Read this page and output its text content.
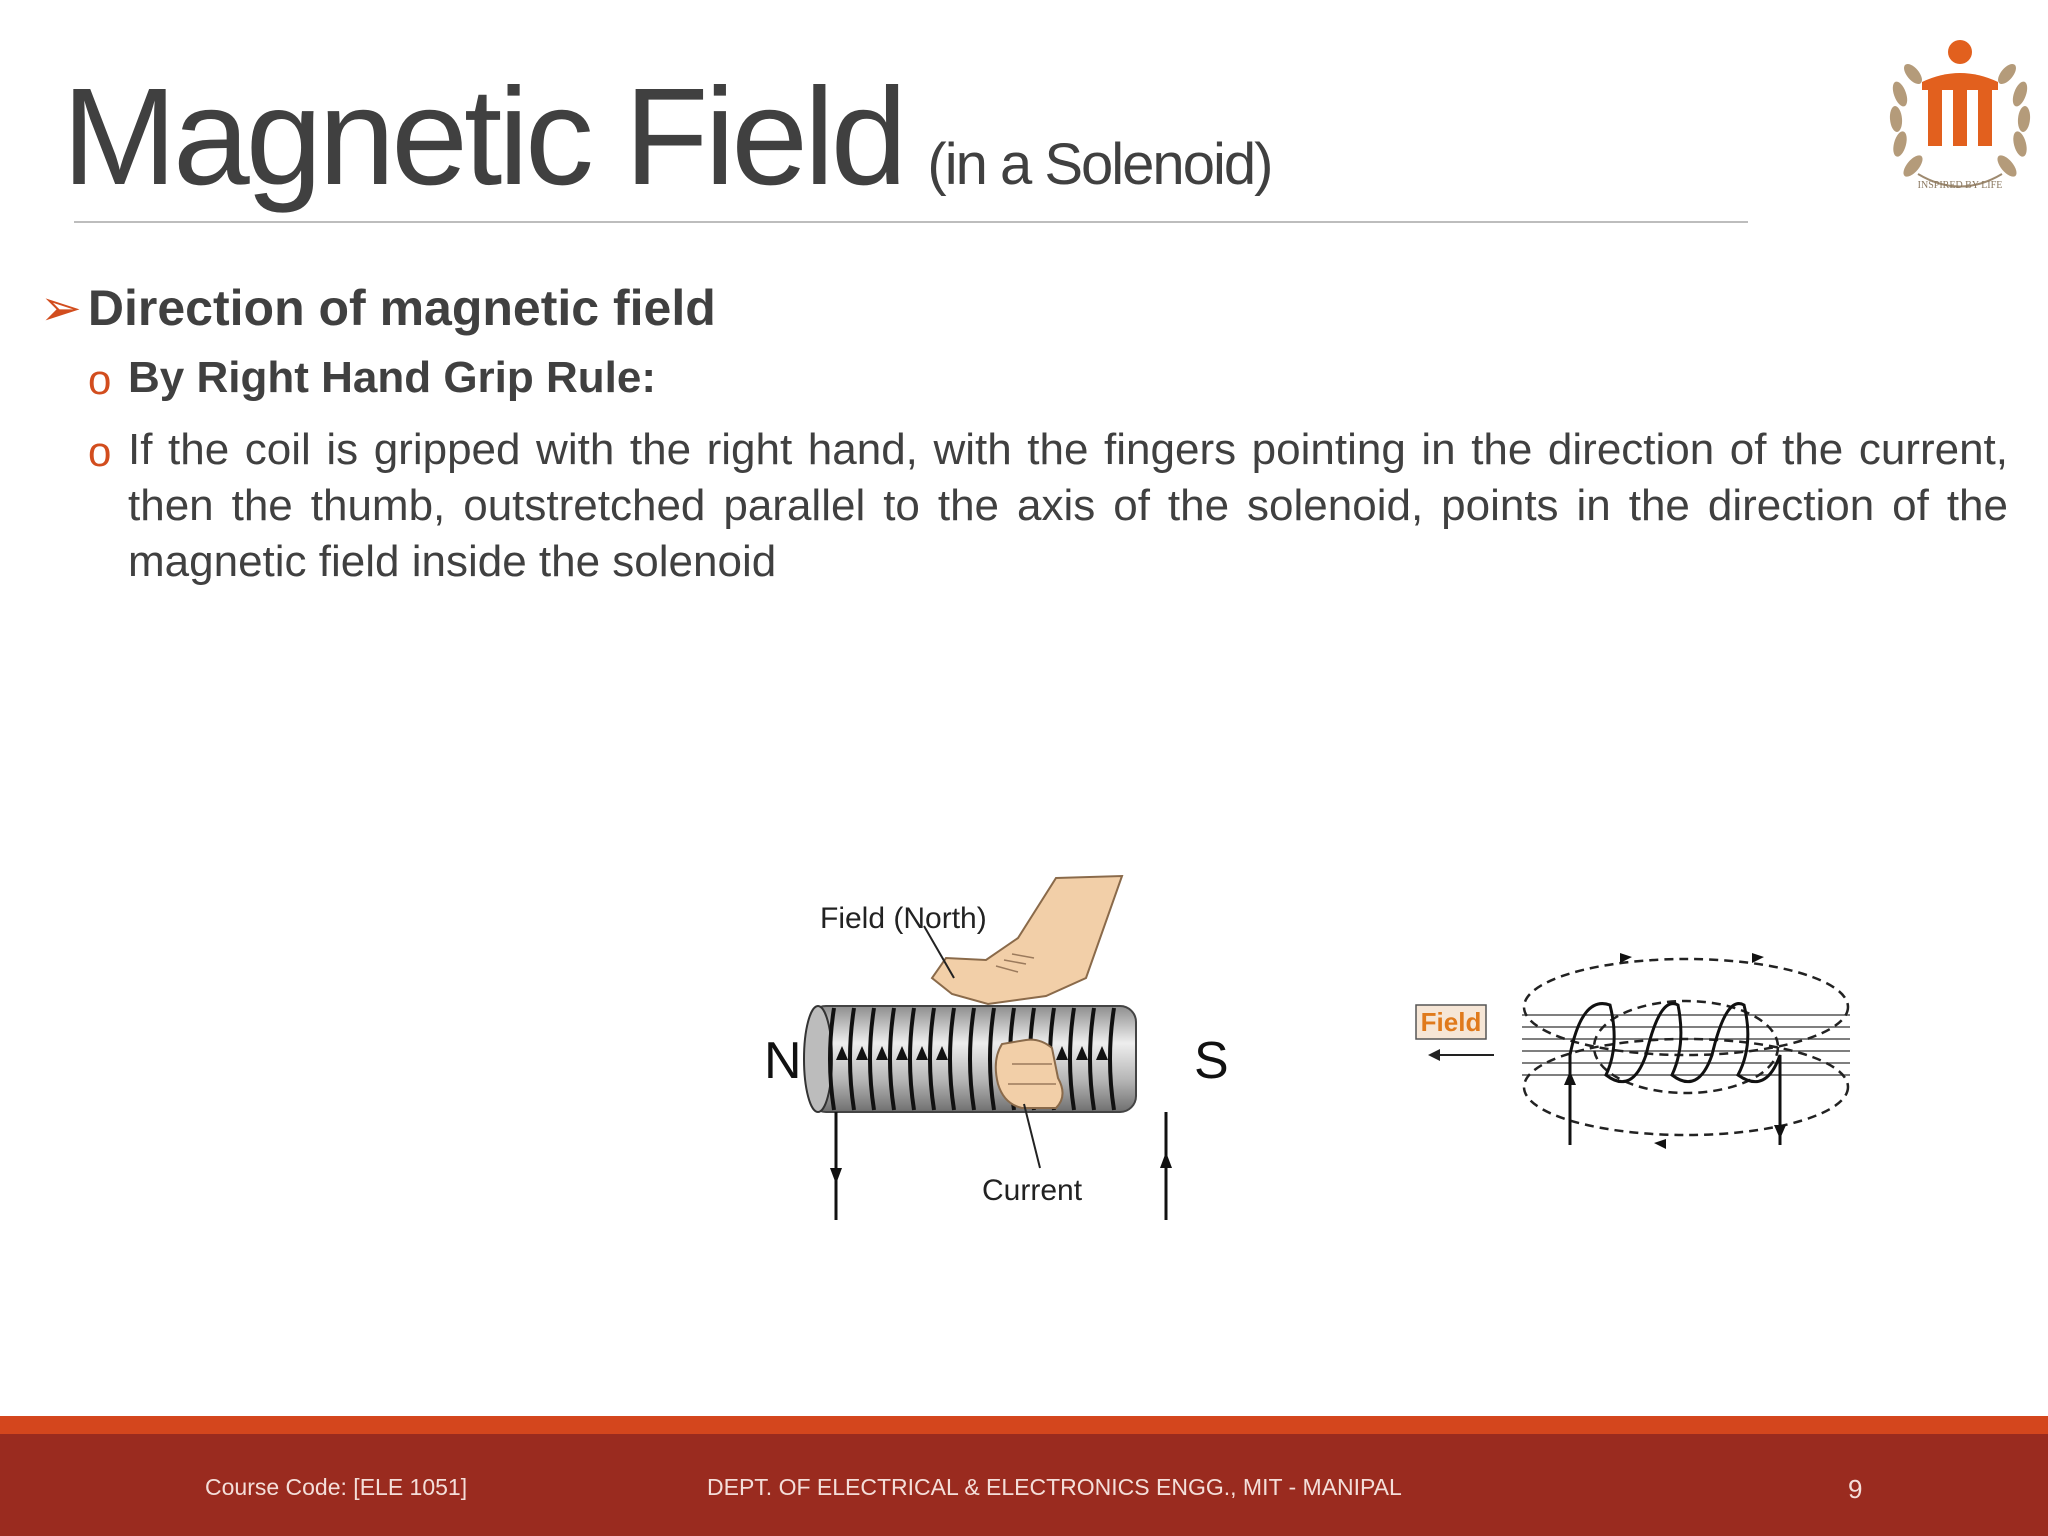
Magnetic Field (in a Solenoid)	INSPIRED BY LIFE
➢ Direction of magnetic field
o By Right Hand Grip Rule:
o If the coil is gripped with the right hand, with the fingers pointing in the direction of the current, then the thumb, outstretched parallel to the axis of the solenoid, points in the direction of the magnetic field inside the solenoid
Field (North)
Current
N	S
Field
Course Code: [ELE 1051]	DEPT. OF ELECTRICAL & ELECTRONICS ENGG., MIT - MANIPAL	9
